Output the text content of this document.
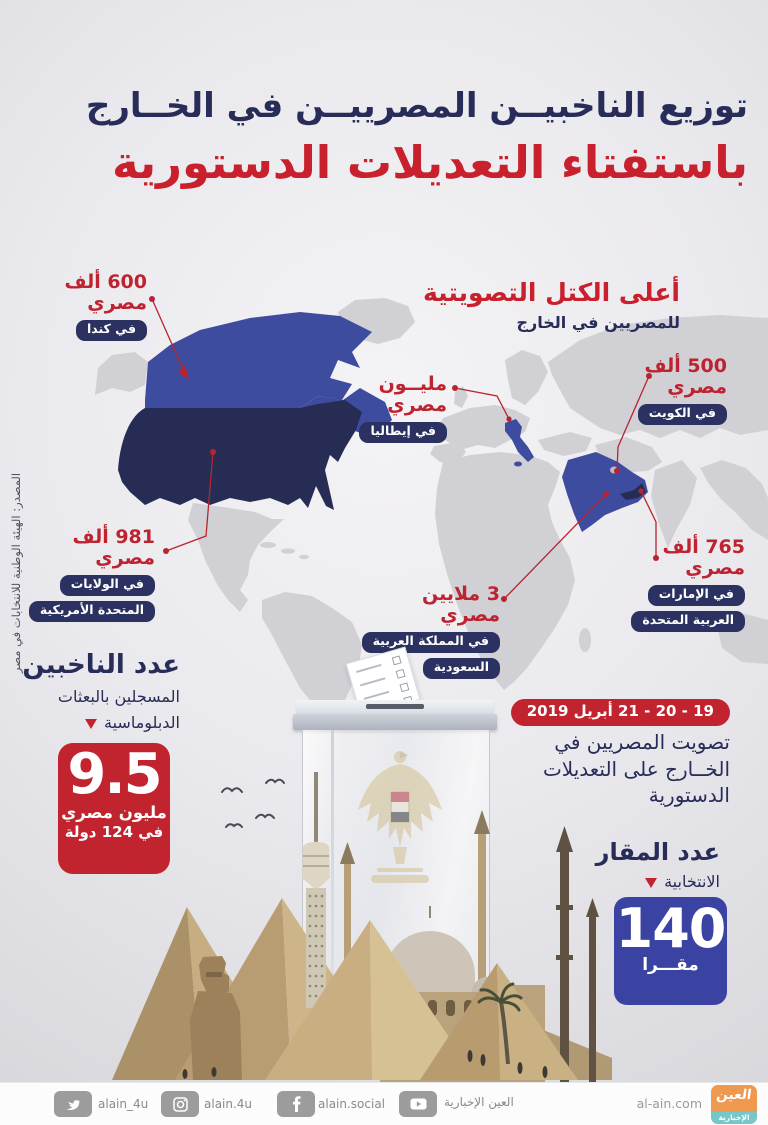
توزيع الناخبيــن المصرييــن في الخــارج
باستفتاء التعديلات الدستورية
أعلى الكتل التصويتية
للمصريين في الخارج
600 ألف
مصري
في كندا
مليــون
مصري
في إيطاليا
500 ألف
مصري
في الكويت
981 ألف
مصري
في الولايات
المتحدة الأمريكية
765 ألف
مصري
في الإمارات
العربية المتحدة
3 ملايين
مصري
في المملكة العربية
السعودية
المصدر: الهيئة الوطنية للانتخابات في مصر عدد الناخبين
المسجلين بالبعثات
الدبلوماسية
9.5
مليون مصري
في 124 دولة
19 - 20 - 21 أبريل 2019
تصويت المصريين في
الخــارج على التعديلات
الدستورية
عدد المقار
الانتخابية
140
مقـــرا
alain_4u	alain.4u	alain.social	العين الإخبارية	al-ain.com
العين
الإخبارية
